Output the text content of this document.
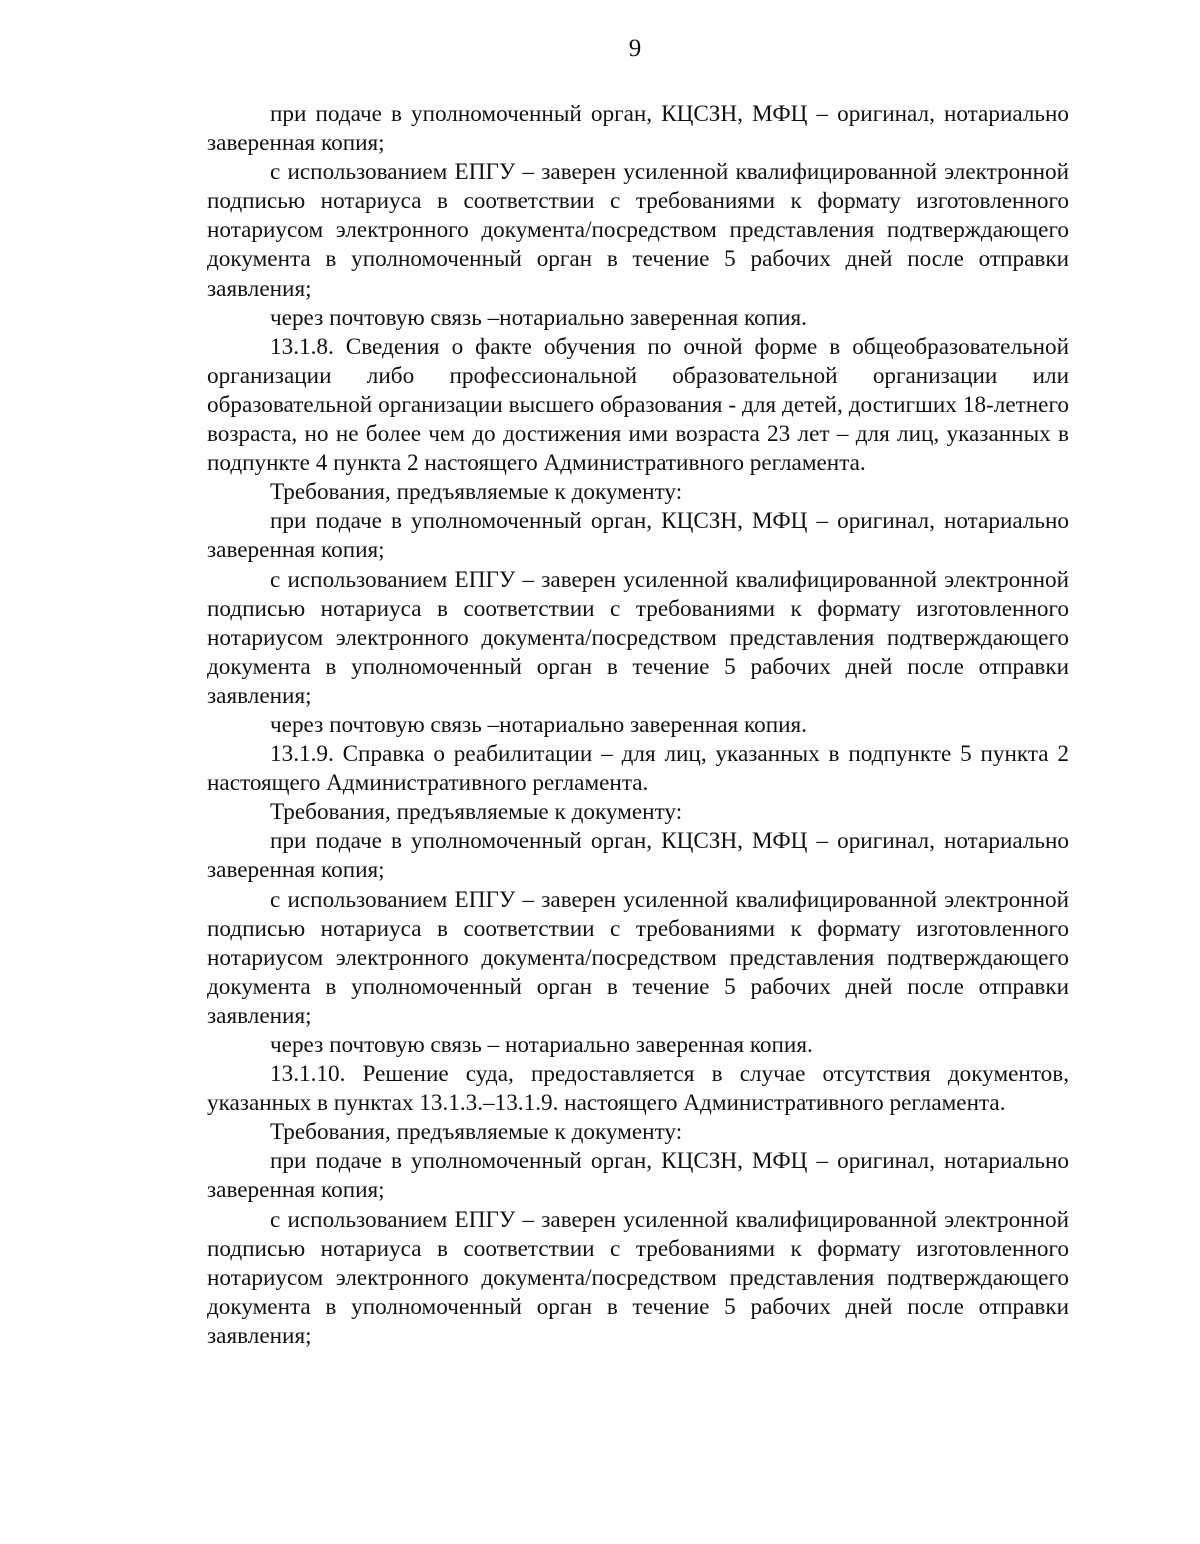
9

при подаче в уполномоченный орган, КЦСЗН, МФЦ – оригинал, нотариально заверенная копия;

с использованием ЕПГУ – заверен усиленной квалифицированной электронной подписью нотариуса в соответствии с требованиями к формату изготовленного нотариусом электронного документа/посредством представления подтверждающего документа в уполномоченный орган в течение 5 рабочих дней после отправки заявления;

через почтовую связь –нотариально заверенная копия.

13.1.8. Сведения о факте обучения по очной форме в общеобразовательной организации либо профессиональной образовательной организации или образовательной организации высшего образования - для детей, достигших 18-летнего возраста, но не более чем до достижения ими возраста 23 лет – для лиц, указанных в подпункте 4 пункта 2 настоящего Административного регламента.

Требования, предъявляемые к документу:

при подаче в уполномоченный орган, КЦСЗН, МФЦ – оригинал, нотариально заверенная копия;

с использованием ЕПГУ – заверен усиленной квалифицированной электронной подписью нотариуса в соответствии с требованиями к формату изготовленного нотариусом электронного документа/посредством представления подтверждающего документа в уполномоченный орган в течение 5 рабочих дней после отправки заявления;

через почтовую связь –нотариально заверенная копия.

13.1.9. Справка о реабилитации – для лиц, указанных в подпункте 5 пункта 2 настоящего Административного регламента.

Требования, предъявляемые к документу:

при подаче в уполномоченный орган, КЦСЗН, МФЦ – оригинал, нотариально заверенная копия;

с использованием ЕПГУ – заверен усиленной квалифицированной электронной подписью нотариуса в соответствии с требованиями к формату изготовленного нотариусом электронного документа/посредством представления подтверждающего документа в уполномоченный орган в течение 5 рабочих дней после отправки заявления;

через почтовую связь – нотариально заверенная копия.

13.1.10. Решение суда, предоставляется в случае отсутствия документов, указанных в пунктах 13.1.3.–13.1.9. настоящего Административного регламента.

Требования, предъявляемые к документу:

при подаче в уполномоченный орган, КЦСЗН, МФЦ – оригинал, нотариально заверенная копия;

с использованием ЕПГУ – заверен усиленной квалифицированной электронной подписью нотариуса в соответствии с требованиями к формату изготовленного нотариусом электронного документа/посредством представления подтверждающего документа в уполномоченный орган в течение 5 рабочих дней после отправки заявления;
